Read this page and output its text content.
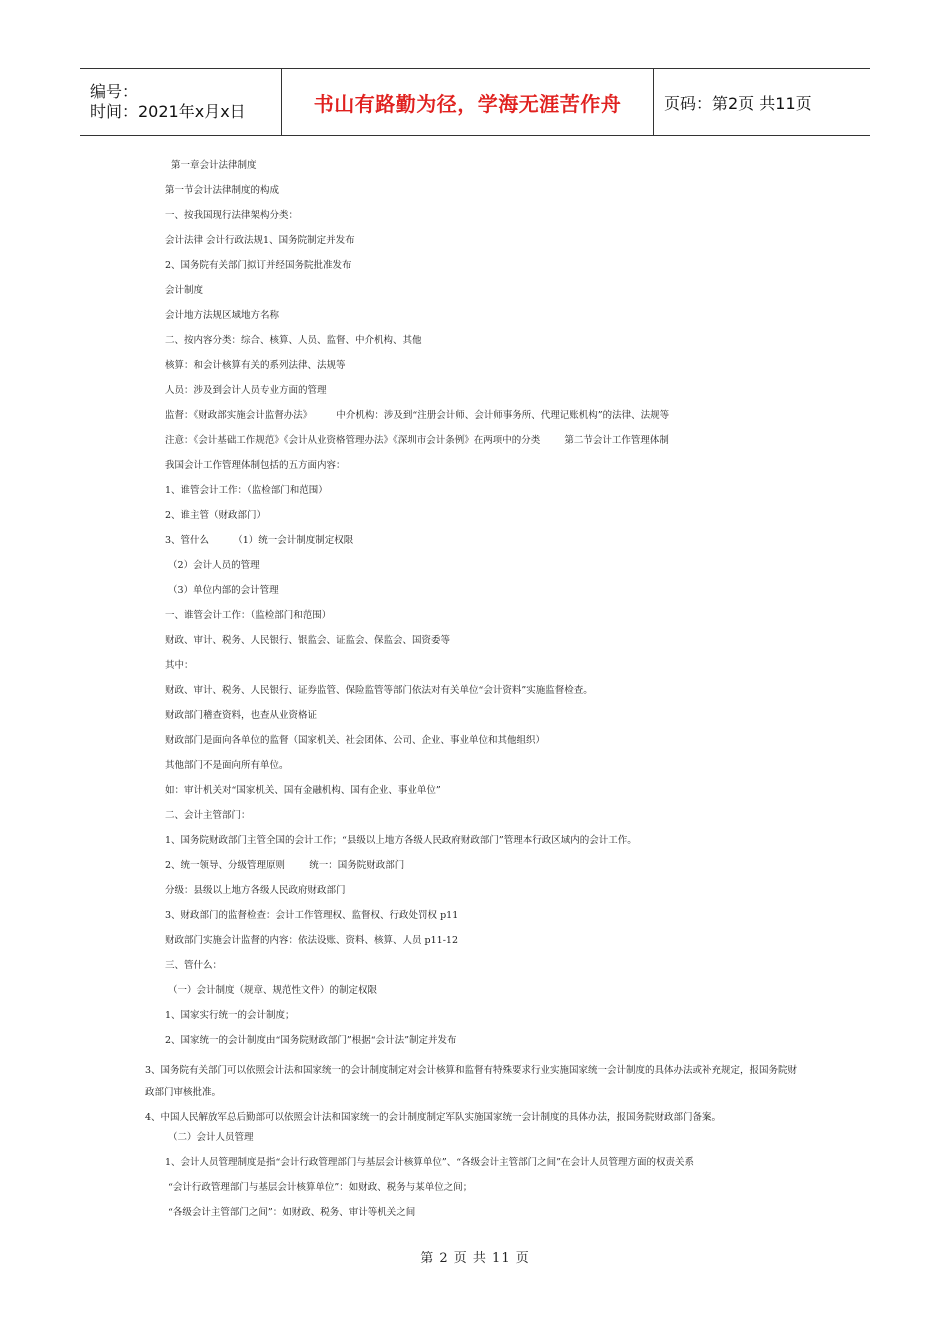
编号：
时间：2021年x月x日	书山有路勤为径，学海无涯苦作舟	页码：第2页 共11页
第一章会计法律制度
第一节会计法律制度的构成
一、按我国现行法律架构分类：
会计法律 会计行政法规1、国务院制定并发布
2、国务院有关部门拟订并经国务院批准发布
会计制度
会计地方法规区域地方名称
二、按内容分类：综合、核算、人员、监督、中介机构、其他
核算：和会计核算有关的系列法律、法规等
人员：涉及到会计人员专业方面的管理
监督：《财政部实施会计监督办法》        中介机构：涉及到“注册会计师、会计师事务所、代理记账机构”的法律、法规等
注意：《会计基础工作规范》《会计从业资格管理办法》《深圳市会计条例》在两项中的分类        第二节会计工作管理体制
我国会计工作管理体制包括的五方面内容：
1、谁管会计工作：（监检部门和范围）
2、谁主管（财政部门）
3、管什么        （1）统一会计制度制定权限
（2）会计人员的管理
（3）单位内部的会计管理
一、谁管会计工作：（监检部门和范围）
财政、审计、税务、人民银行、银监会、证监会、保监会、国资委等
其中：
财政、审计、税务、人民银行、证券监管、保险监管等部门依法对有关单位“会计资料”实施监督检查。
财政部门稽查资料，也查从业资格证
财政部门是面向各单位的监督（国家机关、社会团体、公司、企业、事业单位和其他组织）
其他部门不是面向所有单位。
如：审计机关对“国家机关、国有金融机构、国有企业、事业单位”
二、会计主管部门：
1、国务院财政部门主管全国的会计工作；“县级以上地方各级人民政府财政部门”管理本行政区域内的会计工作。
2、统一领导、分级管理原则        统一：国务院财政部门
分级：县级以上地方各级人民政府财政部门
3、财政部门的监督检查：会计工作管理权、监督权、行政处罚权 p11
财政部门实施会计监督的内容：依法设账、资料、核算、人员 p11-12
三、管什么：
（一）会计制度（规章、规范性文件）的制定权限
1、国家实行统一的会计制度；
2、国家统一的会计制度由“国务院财政部门”根据“会计法”制定并发布
3、国务院有关部门可以依照会计法和国家统一的会计制度制定对会计核算和监督有特殊要求行业实施国家统一会计制度的具体办法或补充规定，报国务院财政部门审核批准。
4、中国人民解放军总后勤部可以依照会计法和国家统一的会计制度制定军队实施国家统一会计制度的具体办法，报国务院财政部门备案。
（二）会计人员管理
1、会计人员管理制度是指“会计行政管理部门与基层会计核算单位”、“各级会计主管部门之间”在会计人员管理方面的权责关系
“会计行政管理部门与基层会计核算单位”：如财政、税务与某单位之间；
“各级会计主管部门之间”：如财政、税务、审计等机关之间
第 2 页 共 11 页
